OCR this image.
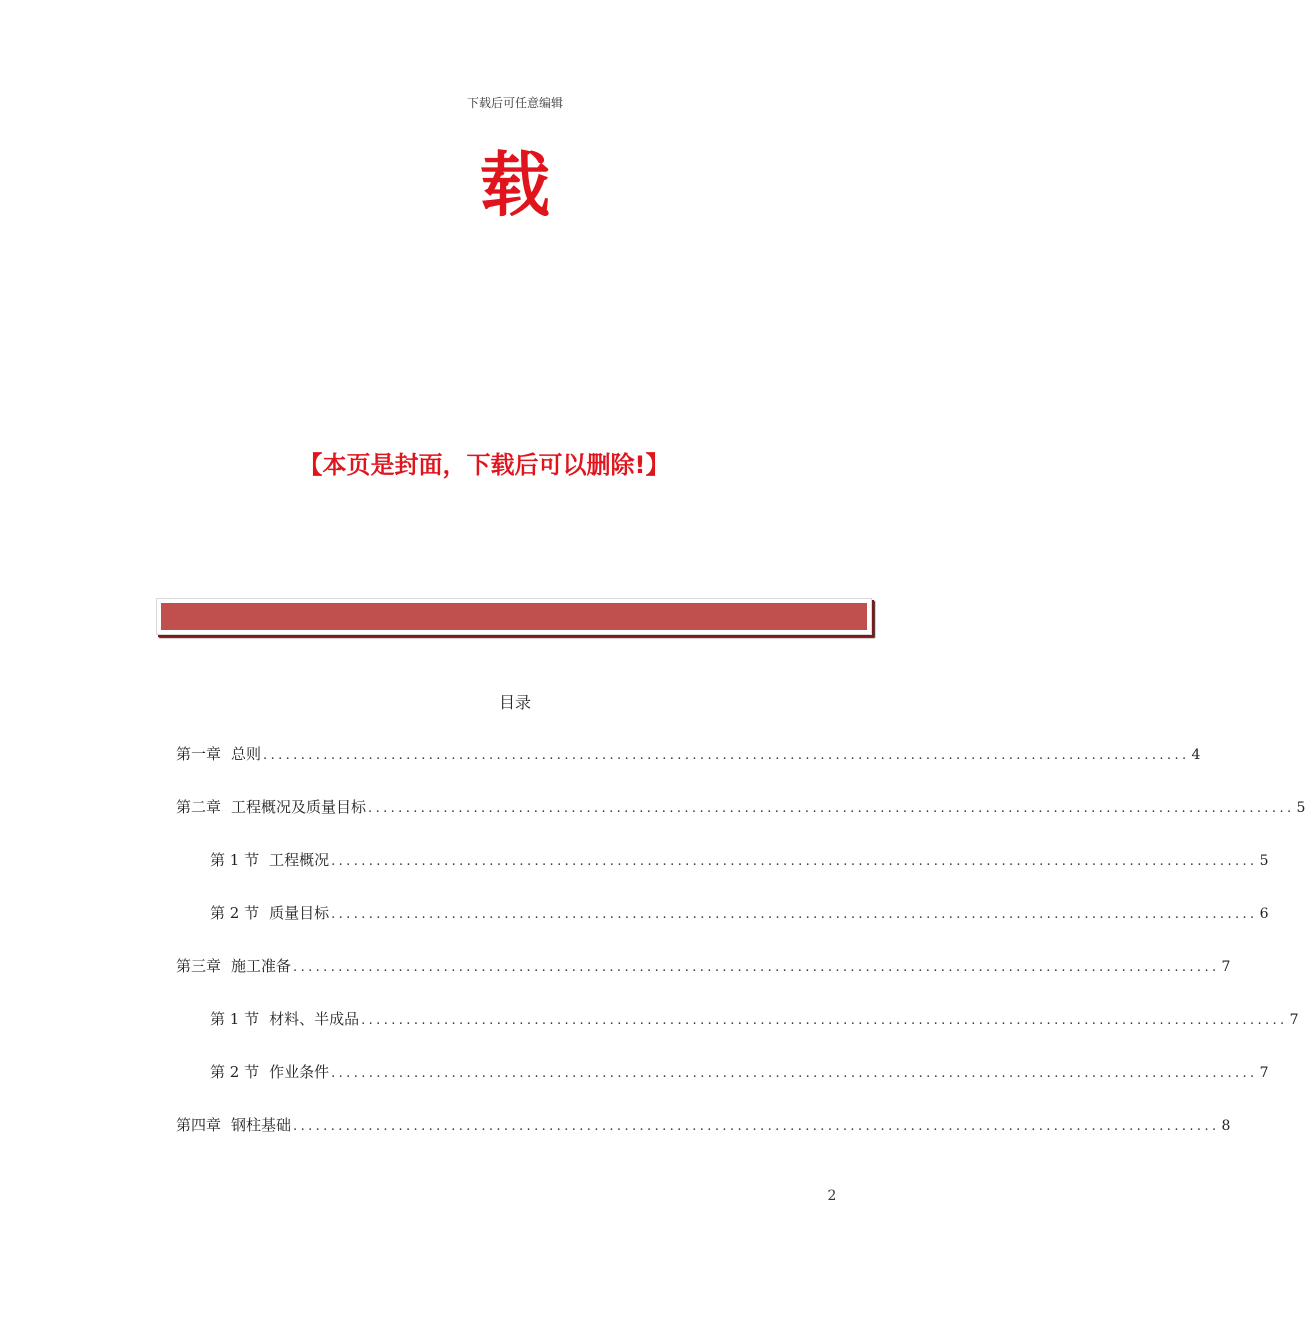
下载后可任意编辑
载
【本页是封面，下载后可以删除!】
目录
第一章 总则 ........................................................................................................................... 4
第二章 工程概况及质量目标 ........................................................................................................................... 5
第 1 节 工程概况 ........................................................................................................................... 5
第 2 节 质量目标 ........................................................................................................................... 6
第三章 施工准备 ........................................................................................................................... 7
第 1 节 材料、半成品 ........................................................................................................................... 7
第 2 节 作业条件 ........................................................................................................................... 7
第四章 钢柱基础 ........................................................................................................................... 8
2
